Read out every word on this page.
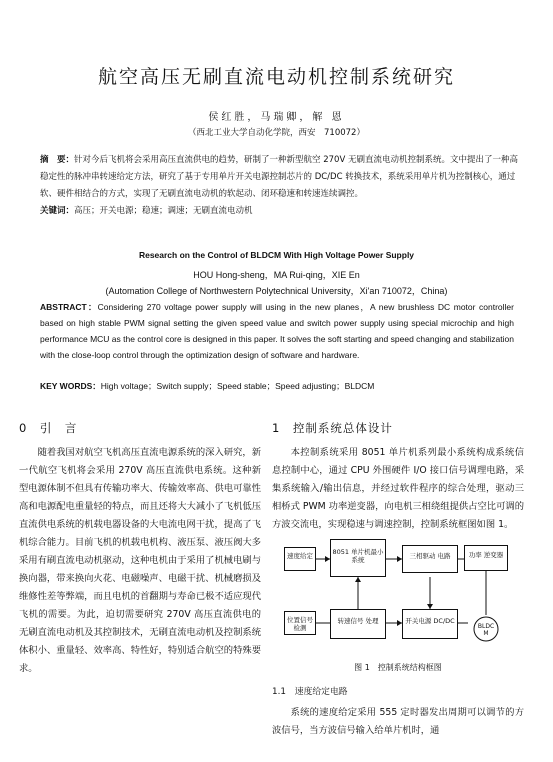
航空高压无刷直流电动机控制系统研究
侯红胜，马瑞卿，解 恩
（西北工业大学自动化学院，西安　710072）
摘　要：针对今后飞机将会采用高压直流供电的趋势，研制了一种新型航空 270V 无刷直流电动机控制系统。文中提出了一种高稳定性的脉冲串转速给定方法，研究了基于专用单片开关电源控制芯片的 DC/DC 转换技术，系统采用单片机为控制核心，通过软、硬件相结合的方式，实现了无刷直流电动机的软起动、闭环稳速和转速连续调控。
关键词：高压；开关电源；稳速；调速；无刷直流电动机
Research on the Control of BLDCM With High Voltage Power Supply
HOU Hong-sheng，MA Rui-qing，XIE En
(Automation College of Northwestern Polytechnical University，Xi'an 710072，China)
ABSTRACT：Considering 270 voltage power supply will using in the new planes，A new brushless DC motor controller based on high stable PWM signal setting the given speed value and switch power supply using special microchip and high performance MCU as the control core is designed in this paper. It solves the soft starting and speed changing and stabilization with the close-loop control through the optimization design of software and hardware.
KEY WORDS：High voltage；Switch supply；Speed stable；Speed adjusting；BLDCM
0　引　言

随着我国对航空飞机高压直流电源系统的深入研究，新一代航空飞机将会采用 270V 高压直流供电系统。这种新型电源体制不但具有传输功率大、传输效率高、供电可靠性高和电源配电重量轻的特点，而且还将大大减小了飞机低压直流供电系统的机载电器设备的大电流电网干扰，提高了飞机综合能力。目前飞机的机载电机构、液压泵、液压阀大多采用有刷直流电动机驱动，这种电机由于采用了机械电刷与换向器，带来换向火花、电磁噪声、电磁干扰、机械磨损及维修性差等弊端，而且电机的首翻期与寿命已极不适应现代飞机的需要。为此，迫切需要研究 270V 高压直流供电的无刷直流电动机及其控制技术，无刷直流电动机及控制系统体积小、重量轻、效率高、特性好，特别适合航空的特殊要求。

1　控制系统总体设计

本控制系统采用 8051 单片机系列最小系统构成系统信息控制中心，通过 CPU 外围硬件 I/O 接口信号调理电路，采集系统输入/输出信息，并经过软件程序的综合处理，驱动三相桥式 PWM 功率逆变器，向电机三相绕组提供占空比可调的方波交流电，实现稳速与调速控制，控制系统框图如图 1。

速度给定	8051 单片机最小系统	三相驱动 电路	功率 逆变器
位置信号 检测
转速信号 处理	开关电源 DC/DC
BLDC M
图 1　控制系统结构框图
1.1　速度给定电路

系统的速度给定采用 555 定时器发出周期可以调节的方波信号，当方波信号输入给单片机时，通
